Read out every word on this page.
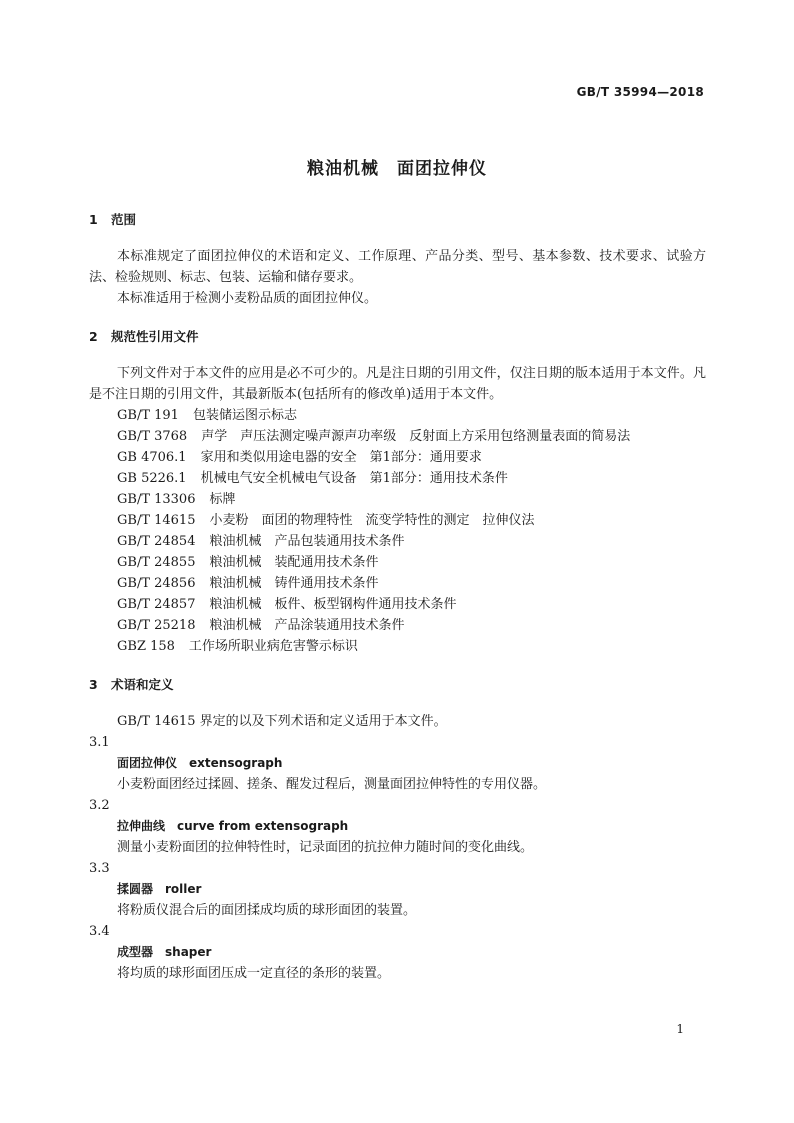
GB/T 35994—2018
粮油机械 面团拉伸仪
1 范围

本标准规定了面团拉伸仪的术语和定义、工作原理、产品分类、型号、基本参数、技术要求、试验方法、检验规则、标志、包装、运输和储存要求。

本标准适用于检测小麦粉品质的面团拉伸仪。

2 规范性引用文件

下列文件对于本文件的应用是必不可少的。凡是注日期的引用文件，仅注日期的版本适用于本文件。凡是不注日期的引用文件，其最新版本(包括所有的修改单)适用于本文件。

GB/T 191 包装储运图示标志
GB/T 3768 声学　声压法测定噪声源声功率级　反射面上方采用包络测量表面的简易法
GB 4706.1 家用和类似用途电器的安全　第1部分：通用要求
GB 5226.1 机械电气安全机械电气设备　第1部分：通用技术条件
GB/T 13306 标牌
GB/T 14615 小麦粉　面团的物理特性　流变学特性的测定　拉伸仪法
GB/T 24854 粮油机械　产品包装通用技术条件
GB/T 24855 粮油机械　装配通用技术条件
GB/T 24856 粮油机械　铸件通用技术条件
GB/T 24857 粮油机械　板件、板型钢构件通用技术条件
GB/T 25218 粮油机械　产品涂装通用技术条件
GBZ 158 工作场所职业病危害警示标识
3 术语和定义

GB/T 14615 界定的以及下列术语和定义适用于本文件。

3.1
面团拉伸仪 extensograph
小麦粉面团经过揉圆、搓条、醒发过程后，测量面团拉伸特性的专用仪器。
3.2
拉伸曲线 curve from extensograph
测量小麦粉面团的拉伸特性时，记录面团的抗拉伸力随时间的变化曲线。
3.3
揉圆器 roller
将粉质仪混合后的面团揉成均质的球形面团的装置。
3.4
成型器 shaper
将均质的球形面团压成一定直径的条形的装置。
1
